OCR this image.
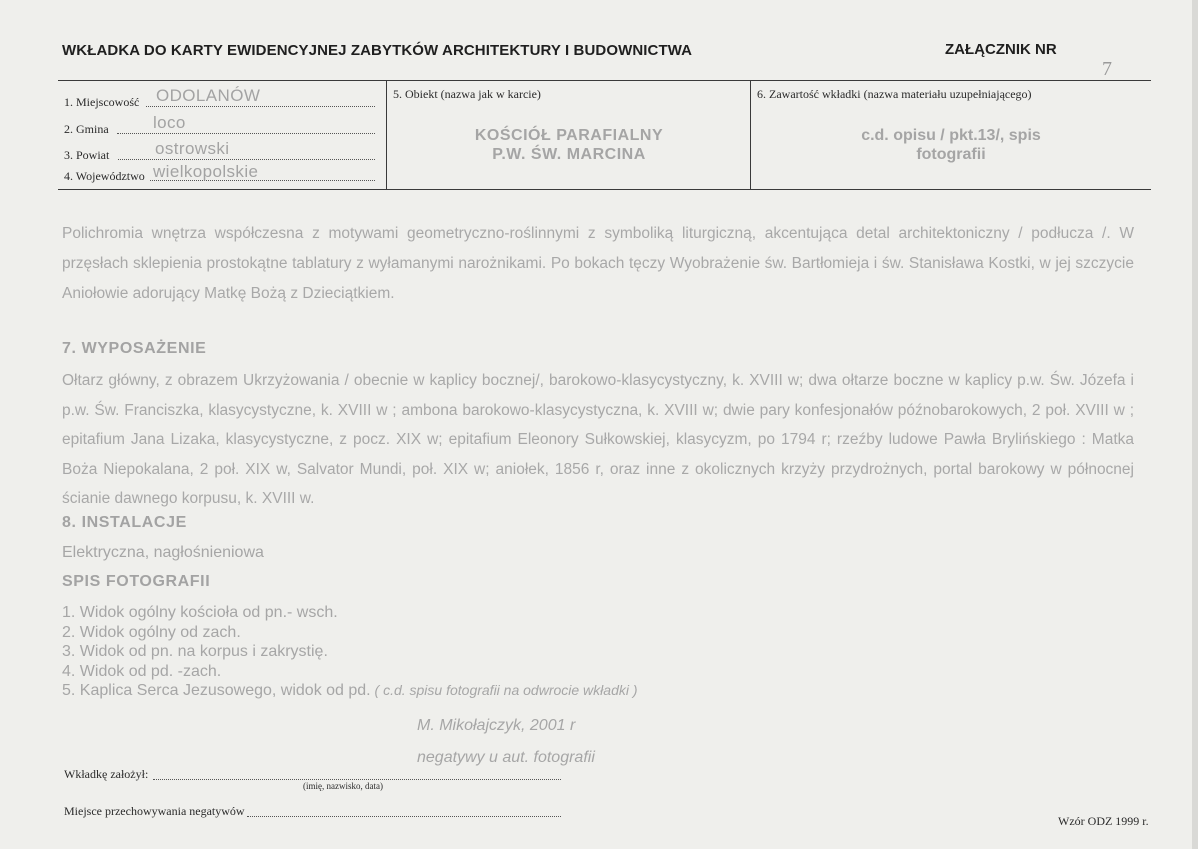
WKŁADKA DO KARTY EWIDENCYJNEJ ZABYTKÓW ARCHITEKTURY I BUDOWNICTWA	ZAŁĄCZNIK NR
7
1. Miejscowość ODOLANÓW
2. Gmina	loco
3. Powiat	ostrowski
4. Województwo wielkopolskie
5. Obiekt (nazwa jak w karcie)
KOŚCIÓŁ PARAFIALNY
P.W. ŚW. MARCINA
6. Zawartość wkładki (nazwa materiału uzupełniającego)
c.d. opisu / pkt.13/, spis
fotografii
Polichromia wnętrza współczesna z motywami geometryczno-roślinnymi z symboliką liturgiczną, akcentująca detal architektoniczny / podłucza /. W przęsłach sklepienia prostokątne tablatury z wyłamanymi narożnikami. Po bokach tęczy Wyobrażenie św. Bartłomieja i św. Stanisława Kostki, w jej szczycie Aniołowie adorujący Matkę Bożą z Dzieciątkiem.
7. WYPOSAŻENIE
Ołtarz główny, z obrazem Ukrzyżowania / obecnie w kaplicy bocznej/, barokowo-klasycystyczny, k. XVIII w; dwa ołtarze boczne w kaplicy p.w. Św. Józefa i p.w. Św. Franciszka, klasycystyczne, k. XVIII w ; ambona barokowo-klasycystyczna, k. XVIII w; dwie pary konfesjonałów późnobarokowych, 2 poł. XVIII w ; epitafium Jana Lizaka, klasycystyczne, z pocz. XIX w; epitafium Eleonory Sułkowskiej, klasycyzm, po 1794 r; rzeźby ludowe Pawła Brylińskiego : Matka Boża Niepokalana, 2 poł. XIX w, Salvator Mundi, poł. XIX w; aniołek, 1856 r, oraz inne z okolicznych krzyży przydrożnych, portal barokowy w północnej ścianie dawnego korpusu, k. XVIII w.
8. INSTALACJE
Elektryczna, nagłośnieniowa
SPIS FOTOGRAFII
1. Widok ogólny kościoła od pn.- wsch.
2. Widok ogólny od zach.
3. Widok od pn. na korpus i zakrystię.
4. Widok od pd. -zach.
5. Kaplica Serca Jezusowego, widok od pd. ( c.d. spisu fotografii na odwrocie wkładki )
M. Mikołajczyk, 2001 r
negatywy u aut. fotografii
Wkładkę założył:
(imię, nazwisko, data)
Miejsce przechowywania negatywów
Wzór ODZ 1999 r.
